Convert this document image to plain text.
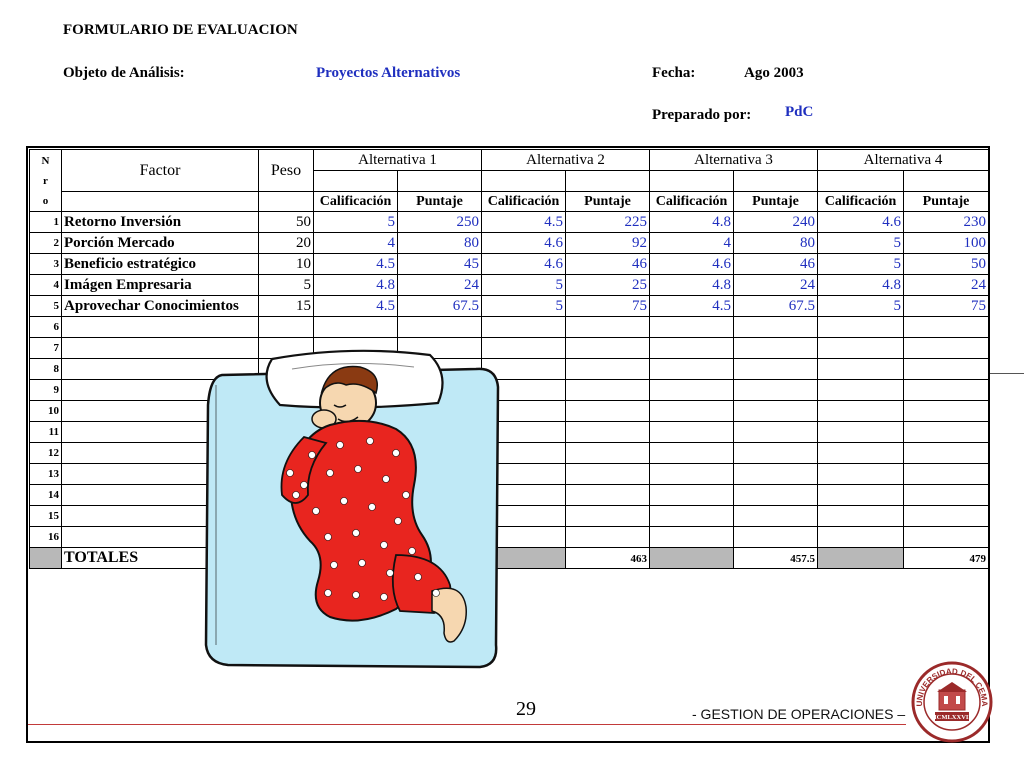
FORMULARIO DE EVALUACION
Objeto de Análisis:	Proyectos Alternativos	Fecha:	Ago 2003
Preparado por: PdC
N
r
o	Factor	Peso	Alternativa 1		Alternativa 2		Alternativa 3		Alternativa 4	

			Calificación	Puntaje	Calificación	Puntaje	Calificación	Puntaje	Calificación	Puntaje
1	Retorno Inversión	50	5	250	4.5	225	4.8	240	4.6	230
2	Porción Mercado	20	4	80	4.6	92	4	80	5	100
3	Beneficio estratégico	10	4.5	45	4.6	46	4.6	46	5	50
4	Imágen Empresaria	5	4.8	24	5	25	4.8	24	4.8	24
5	Aprovechar Conocimientos	15	4.5	67.5	5	75	4.5	67.5	5	75
6										
7										
8										
9										
10										
11										
12										
13										
14										
15										
16										
	TOTALES					463		457.5		479
29	- GESTION DE OPERACIONES –
UNIVERSIDAD DEL CEMA
MCMLXXVIII
